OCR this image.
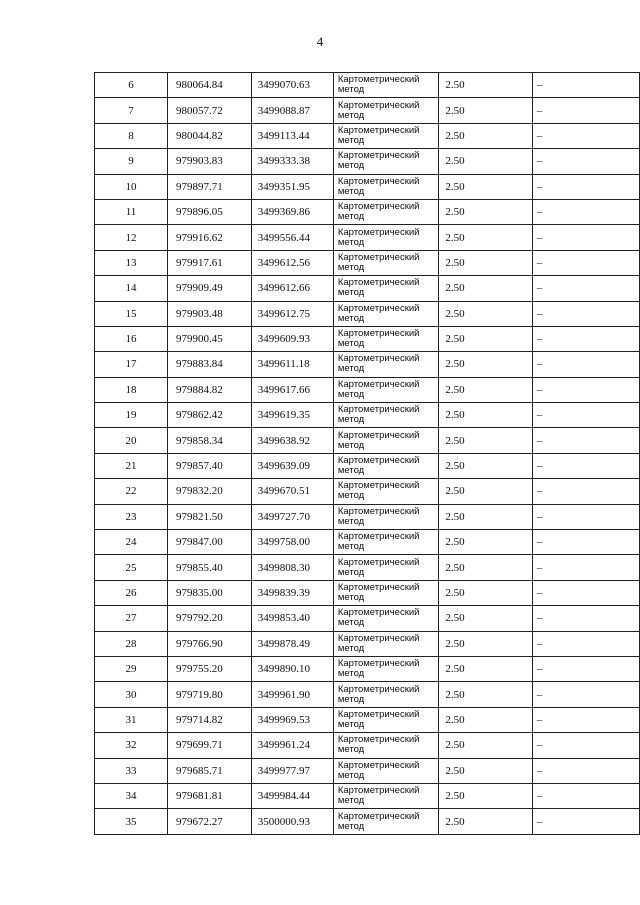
4
6	980064.84	3499070.63	Картометрический метод	2.50	–
7	980057.72	3499088.87	Картометрический метод	2.50	–
8	980044.82	3499113.44	Картометрический метод	2.50	–
9	979903.83	3499333.38	Картометрический метод	2.50	–
10	979897.71	3499351.95	Картометрический метод	2.50	–
11	979896.05	3499369.86	Картометрический метод	2.50	–
12	979916.62	3499556.44	Картометрический метод	2.50	–
13	979917.61	3499612.56	Картометрический метод	2.50	–
14	979909.49	3499612.66	Картометрический метод	2.50	–
15	979903.48	3499612.75	Картометрический метод	2.50	–
16	979900.45	3499609.93	Картометрический метод	2.50	–
17	979883.84	3499611.18	Картометрический метод	2.50	–
18	979884.82	3499617.66	Картометрический метод	2.50	–
19	979862.42	3499619.35	Картометрический метод	2.50	–
20	979858.34	3499638.92	Картометрический метод	2.50	–
21	979857.40	3499639.09	Картометрический метод	2.50	–
22	979832.20	3499670.51	Картометрический метод	2.50	–
23	979821.50	3499727.70	Картометрический метод	2.50	–
24	979847.00	3499758.00	Картометрический метод	2.50	–
25	979855.40	3499808.30	Картометрический метод	2.50	–
26	979835.00	3499839.39	Картометрический метод	2.50	–
27	979792.20	3499853.40	Картометрический метод	2.50	–
28	979766.90	3499878.49	Картометрический метод	2.50	–
29	979755.20	3499890.10	Картометрический метод	2.50	–
30	979719.80	3499961.90	Картометрический метод	2.50	–
31	979714.82	3499969.53	Картометрический метод	2.50	–
32	979699.71	3499961.24	Картометрический метод	2.50	–
33	979685.71	3499977.97	Картометрический метод	2.50	–
34	979681.81	3499984.44	Картометрический метод	2.50	–
35	979672.27	3500000.93	Картометрический метод	2.50	–
